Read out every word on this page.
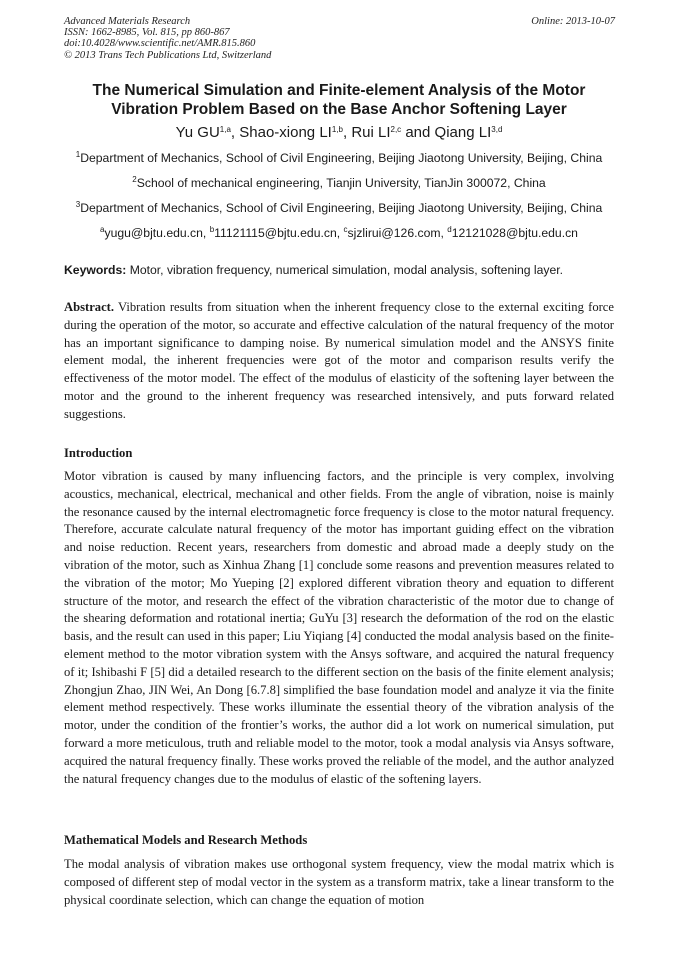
Advanced Materials Research
ISSN: 1662-8985, Vol. 815, pp 860-867
doi:10.4028/www.scientific.net/AMR.815.860
© 2013 Trans Tech Publications Ltd, Switzerland
Online: 2013-10-07
The Numerical Simulation and Finite-element Analysis of the Motor
Vibration Problem Based on the Base Anchor Softening Layer
Yu GU$^{1,a}$, Shao-xiong LI$^{1,b}$, Rui LI$^{2,c}$ and Qiang LI$^{3,d}$
$^1$Department of Mechanics, School of Civil Engineering, Beijing Jiaotong University, Beijing, China
$^2$School of mechanical engineering, Tianjin University, TianJin 300072, China
$^3$Department of Mechanics, School of Civil Engineering, Beijing Jiaotong University, Beijing, China
$^a$yugu@bjtu.edu.cn, $^b$11121115@bjtu.edu.cn, $^c$sjzlirui@126.com, $^d$12121028@bjtu.edu.cn
Keywords: Motor, vibration frequency, numerical simulation, modal analysis, softening layer.
Abstract. Vibration results from situation when the inherent frequency close to the external exciting force during the operation of the motor, so accurate and effective calculation of the natural frequency of the motor has an important significance to damping noise. By numerical simulation model and the ANSYS finite element modal, the inherent frequencies were got of the motor and comparison results verify the effectiveness of the motor model. The effect of the modulus of elasticity of the softening layer between the motor and the ground to the inherent frequency was researched intensively, and puts forward related suggestions.
Introduction
Motor vibration is caused by many influencing factors, and the principle is very complex, involving acoustics, mechanical, electrical, mechanical and other fields. From the angle of vibration, noise is mainly the resonance caused by the internal electromagnetic force frequency is close to the motor natural frequency. Therefore, accurate calculate natural frequency of the motor has important guiding effect on the vibration and noise reduction. Recent years, researchers from domestic and abroad made a deeply study on the vibration of the motor, such as Xinhua Zhang [1] conclude some reasons and prevention measures related to the vibration of the motor; Mo Yueping [2] explored different vibration theory and equation to different structure of the motor, and research the effect of the vibration characteristic of the motor due to change of the shearing deformation and rotational inertia; GuYu [3] research the deformation of the rod on the elastic basis, and the result can used in this paper; Liu Yiqiang [4] conducted the modal analysis based on the finite-element method to the motor vibration system with the Ansys software, and acquired the natural frequency of it; Ishibashi F [5] did a detailed research to the different section on the basis of the finite element analysis; Zhongjun Zhao, JIN Wei, An Dong [6.7.8] simplified the base foundation model and analyze it via the finite element method respectively. These works illuminate the essential theory of the vibration analysis of the motor, under the condition of the frontier’s works, the author did a lot work on numerical simulation, put forward a more meticulous, truth and reliable model to the motor, took a modal analysis via Ansys software, acquired the natural frequency finally. These works proved the reliable of the model, and the author analyzed the natural frequency changes due to the modulus of elastic of the softening layers.
Mathematical Models and Research Methods
The modal analysis of vibration makes use orthogonal system frequency, view the modal matrix which is composed of different step of modal vector in the system as a transform matrix, take a linear transform to the physical coordinate selection, which can change the equation of motion
